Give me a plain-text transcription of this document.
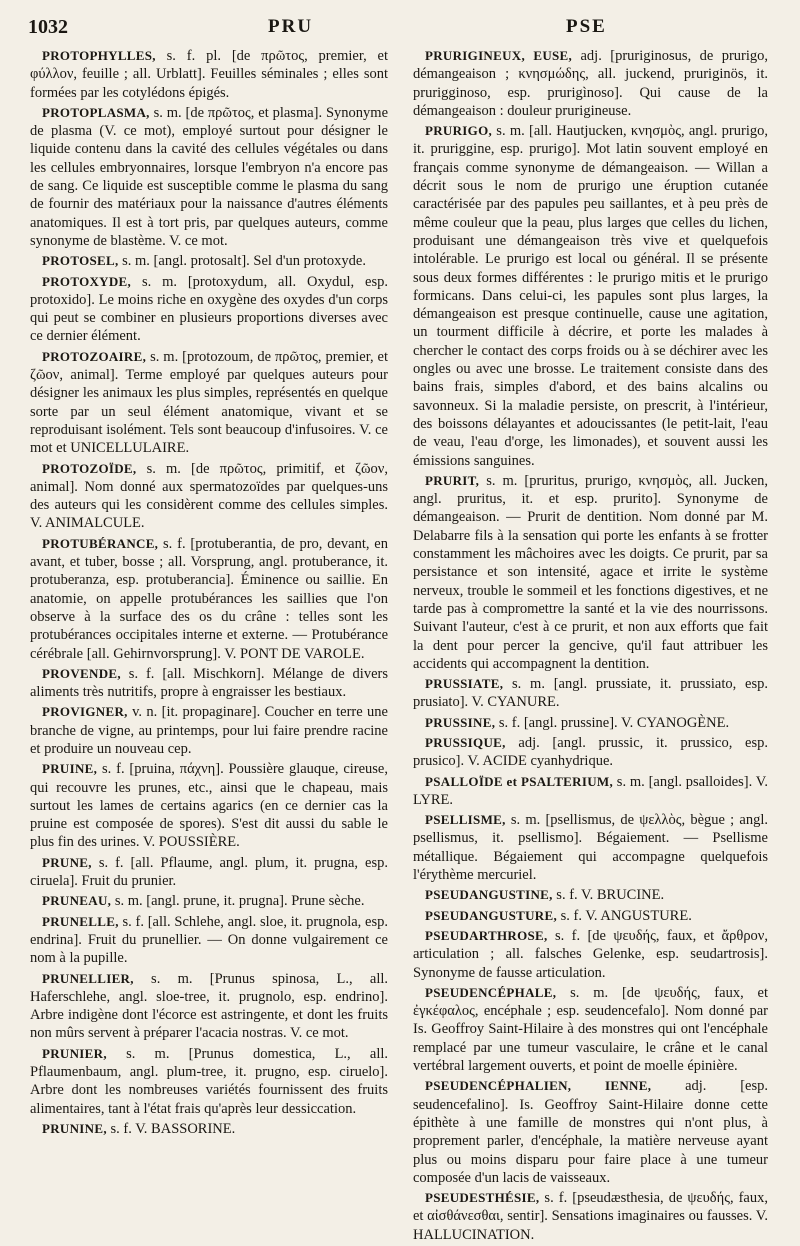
1032	PRU	PSE

PROTOPHYLLES, s. f. pl. [de πρῶτος, premier, et φύλλον, feuille ; all. Urblatt]. Feuilles séminales ; elles sont formées par les cotylédons épigés.

PROTOPLASMA, s. m. [de πρῶτος, et plasma]. Synonyme de plasma (V. ce mot), employé surtout pour désigner le liquide contenu dans la cavité des cellules végétales ou dans les cellules embryonnaires, lorsque l'embryon n'a encore pas de sang. Ce liquide est susceptible comme le plasma du sang de fournir des matériaux pour la naissance d'autres éléments anatomiques. Il est à tort pris, par quelques auteurs, comme synonyme de blastème. V. ce mot.

PROTOSEL, s. m. [angl. protosalt]. Sel d'un protoxyde.

PROTOXYDE, s. m. [protoxydum, all. Oxydul, esp. protoxido]. Le moins riche en oxygène des oxydes d'un corps qui peut se combiner en plusieurs proportions diverses avec ce dernier élément.

PROTOZOAIRE, s. m. [protozoum, de πρῶτος, premier, et ζῶον, animal]. Terme employé par quelques auteurs pour désigner les animaux les plus simples, représentés en quelque sorte par un seul élément anatomique, vivant et se reproduisant isolément. Tels sont beaucoup d'infusoires. V. ce mot et UNICELLULAIRE.

PROTOZOÏDE, s. m. [de πρῶτος, primitif, et ζῶον, animal]. Nom donné aux spermatozoïdes par quelques-uns des auteurs qui les considèrent comme des cellules simples. V. ANIMALCULE.

PROTUBÉRANCE, s. f. [protuberantia, de pro, devant, en avant, et tuber, bosse ; all. Vorsprung, angl. protuberance, it. protuberanza, esp. protuberancia]. Éminence ou saillie. En anatomie, on appelle protubérances les saillies que l'on observe à la surface des os du crâne : telles sont les protubérances occipitales interne et externe. — Protubérance cérébrale [all. Gehirnvorsprung]. V. PONT DE VAROLE.

PROVENDE, s. f. [all. Mischkorn]. Mélange de divers aliments très nutritifs, propre à engraisser les bestiaux.

PROVIGNER, v. n. [it. propaginare]. Coucher en terre une branche de vigne, au printemps, pour lui faire prendre racine et produire un nouveau cep.

PRUINE, s. f. [pruina, πάχνη]. Poussière glauque, cireuse, qui recouvre les prunes, etc., ainsi que le chapeau, mais surtout les lames de certains agarics (en ce dernier cas la pruine est composée de spores). S'est dit aussi du sable le plus fin des urines. V. POUSSIÈRE.

PRUNE, s. f. [all. Pflaume, angl. plum, it. prugna, esp. ciruela]. Fruit du prunier.

PRUNEAU, s. m. [angl. prune, it. prugna]. Prune sèche.

PRUNELLE, s. f. [all. Schlehe, angl. sloe, it. prugnola, esp. endrina]. Fruit du prunellier. — On donne vulgairement ce nom à la pupille.

PRUNELLIER, s. m. [Prunus spinosa, L., all. Haferschlehe, angl. sloe-tree, it. prugnolo, esp. endrino]. Arbre indigène dont l'écorce est astringente, et dont les fruits non mûrs servent à préparer l'acacia nostras. V. ce mot.

PRUNIER, s. m. [Prunus domestica, L., all. Pflaumenbaum, angl. plum-tree, it. prugno, esp. ciruelo]. Arbre dont les nombreuses variétés fournissent des fruits alimentaires, tant à l'état frais qu'après leur dessiccation.

PRUNINE, s. f. V. BASSORINE.

PRURIGINEUX, EUSE, adj. [pruriginosus, de prurigo, démangeaison ; κνησμώδης, all. juckend, pruriginös, it. prurigginoso, esp. prurigìnoso]. Qui cause de la démangeaison : douleur prurigineuse.

PRURIGO, s. m. [all. Hautjucken, κνησμὸς, angl. prurigo, it. pruriggine, esp. prurigo]. Mot latin souvent employé en français comme synonyme de démangeaison. — Willan a décrit sous le nom de prurigo une éruption cutanée caractérisée par des papules peu saillantes, et à peu près de même couleur que la peau, plus larges que celles du lichen, produisant une démangeaison très vive et quelquefois intolérable. Le prurigo est local ou général. Il se présente sous deux formes différentes : le prurigo mitis et le prurigo formicans. Dans celui-ci, les papules sont plus larges, la démangeaison est presque continuelle, cause une agitation, un tourment difficile à décrire, et porte les malades à chercher le contact des corps froids ou à se déchirer avec les ongles ou avec une brosse. Le traitement consiste dans des bains frais, simples d'abord, et des bains alcalins ou savonneux. Si la maladie persiste, on prescrit, à l'intérieur, des boissons délayantes et adoucissantes (le petit-lait, l'eau de veau, l'eau d'orge, les limonades), et souvent aussi les émissions sanguines.

PRURIT, s. m. [pruritus, prurigo, κνησμὸς, all. Jucken, angl. pruritus, it. et esp. prurito]. Synonyme de démangeaison. — Prurit de dentition. Nom donné par M. Delabarre fils à la sensation qui porte les enfants à se frotter constamment les mâchoires avec les doigts. Ce prurit, par sa persistance et son intensité, agace et irrite le système nerveux, trouble le sommeil et les fonctions digestives, et ne tarde pas à compromettre la santé et la vie des nourrissons. Suivant l'auteur, c'est à ce prurit, et non aux efforts que fait la dent pour percer la gencive, qu'il faut attribuer les accidents qui accompagnent la dentition.

PRUSSIATE, s. m. [angl. prussiate, it. prussiato, esp. prusiato]. V. CYANURE.

PRUSSINE, s. f. [angl. prussine]. V. CYANOGÈNE.

PRUSSIQUE, adj. [angl. prussic, it. prussico, esp. prusico]. V. ACIDE cyanhydrique.

PSALLOÏDE et PSALTERIUM, s. m. [angl. psalloides]. V. LYRE.

PSELLISME, s. m. [psellismus, de ψελλὸς, bègue ; angl. psellismus, it. psellismo]. Bégaiement. — Psellisme métallique. Bégaiement qui accompagne quelquefois l'érythème mercuriel.

PSEUDANGUSTINE, s. f. V. BRUCINE.

PSEUDANGUSTURE, s. f. V. ANGUSTURE.

PSEUDARTHROSE, s. f. [de ψευδής, faux, et ἄρθρον, articulation ; all. falsches Gelenke, esp. seudartrosis]. Synonyme de fausse articulation.

PSEUDENCÉPHALE, s. m. [de ψευδής, faux, et ἐγκέφαλος, encéphale ; esp. seudencefalo]. Nom donné par Is. Geoffroy Saint-Hilaire à des monstres qui ont l'encéphale remplacé par une tumeur vasculaire, le crâne et le canal vertébral largement ouverts, et point de moelle épinière.

PSEUDENCÉPHALIEN, IENNE, adj. [esp. seudencefalino]. Is. Geoffroy Saint-Hilaire donne cette épithète à une famille de monstres qui n'ont plus, à proprement parler, d'encéphale, la matière nerveuse ayant plus ou moins disparu pour faire place à une tumeur composée d'un lacis de vaisseaux.

PSEUDESTHÉSIE, s. f. [pseudæsthesia, de ψευδής, faux, et αἰσθάνεσθαι, sentir]. Sensations imaginaires ou fausses. V. HALLUCINATION.
